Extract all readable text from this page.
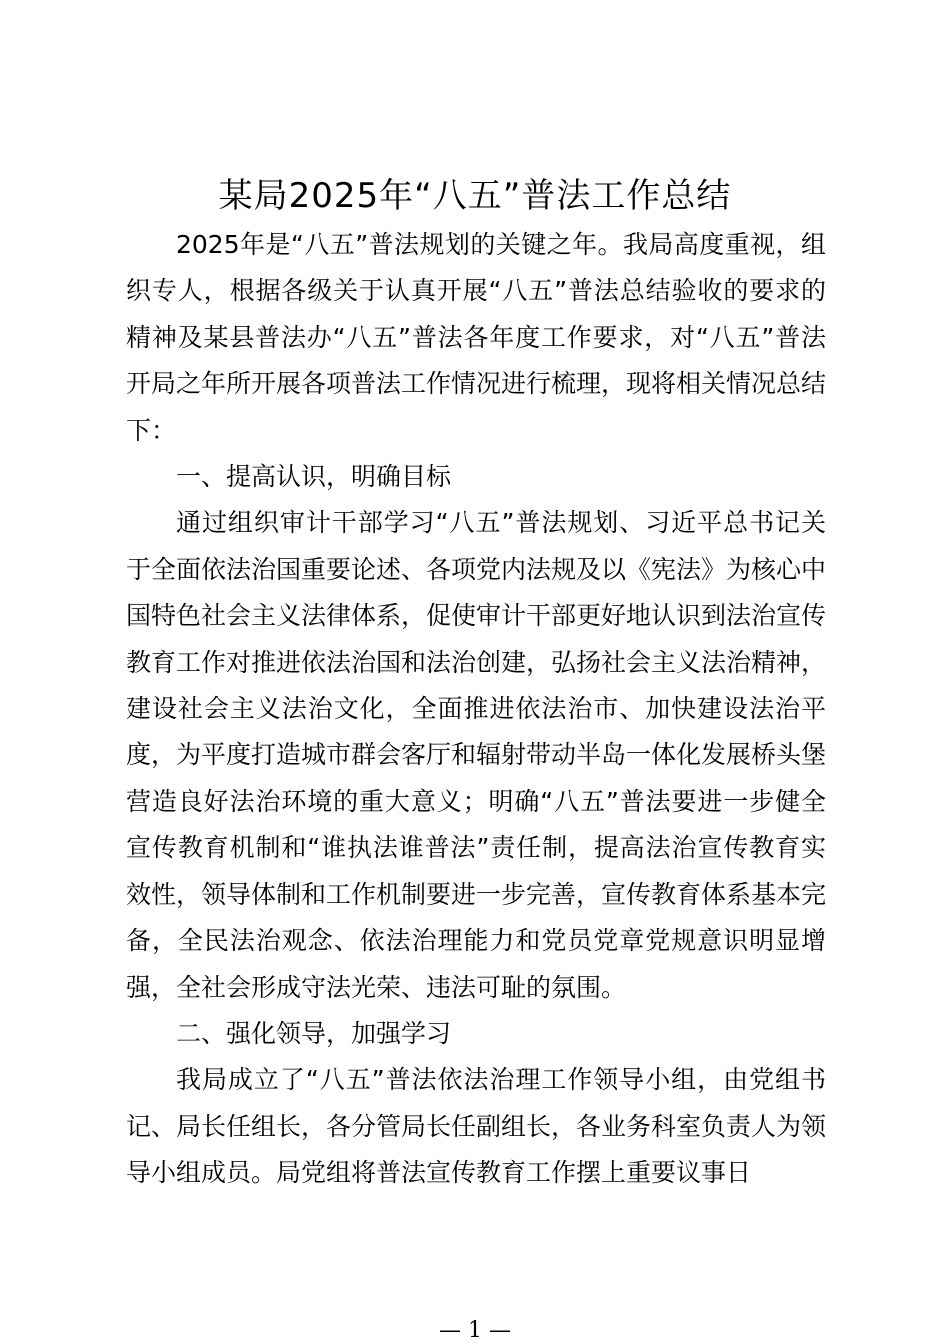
某局2025年“八五”普法工作总结

2025年是“八五”普法规划的关键之年。我局高度重视，组织专人，根据各级关于认真开展“八五”普法总结验收的要求的精神及某县普法办“八五”普法各年度工作要求，对“八五”普法开局之年所开展各项普法工作情况进行梳理，现将相关情况总结下：

一、提高认识，明确目标

通过组织审计干部学习“八五”普法规划、习近平总书记关于全面依法治国重要论述、各项党内法规及以《宪法》为核心中国特色社会主义法律体系，促使审计干部更好地认识到法治宣传教育工作对推进依法治国和法治创建，弘扬社会主义法治精神，建设社会主义法治文化，全面推进依法治市、加快建设法治平度，为平度打造城市群会客厅和辐射带动半岛一体化发展桥头堡营造良好法治环境的重大意义；明确“八五”普法要进一步健全宣传教育机制和“谁执法谁普法”责任制，提高法治宣传教育实效性，领导体制和工作机制要进一步完善，宣传教育体系基本完备，全民法治观念、依法治理能力和党员党章党规意识明显增强，全社会形成守法光荣、违法可耻的氛围。

二、强化领导，加强学习

我局成立了“八五”普法依法治理工作领导小组，由党组书记、局长任组长，各分管局长任副组长，各业务科室负责人为领导小组成员。局党组将普法宣传教育工作摆上重要议事日

— 1 —
